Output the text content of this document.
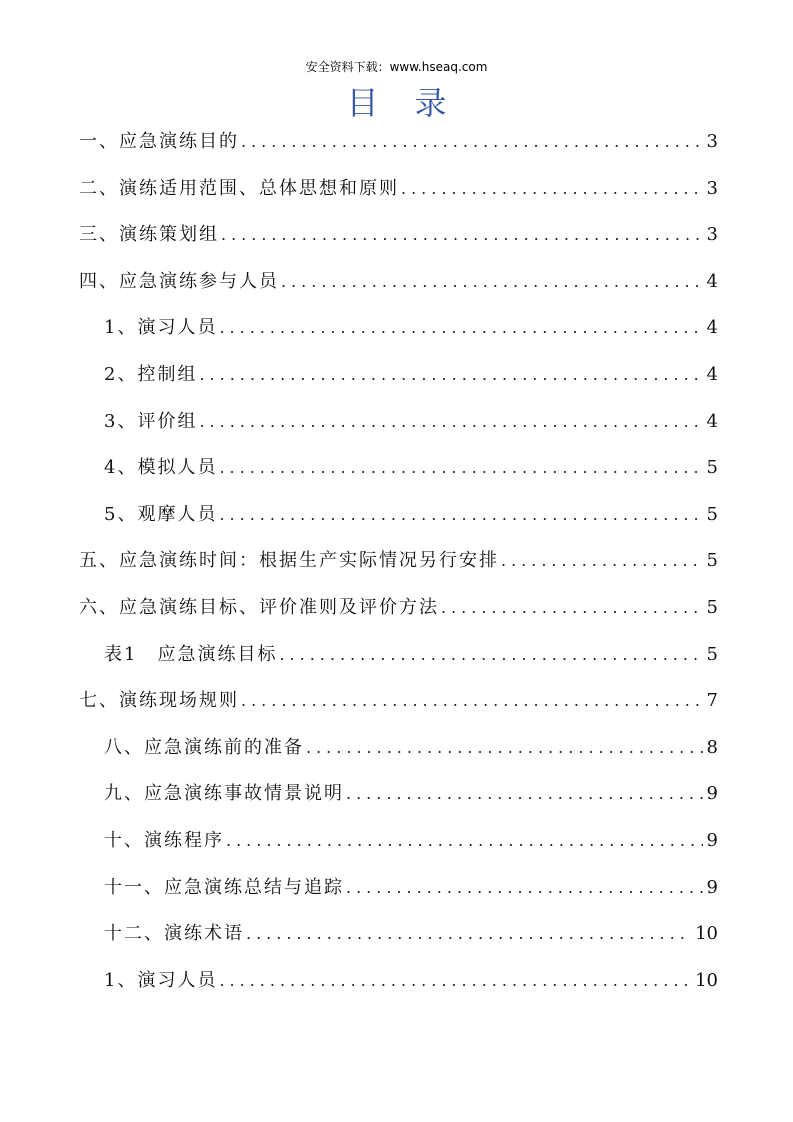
安全资料下载：www.hseaq.com
目录
一、应急演练目的 .....	3
二、演练适用范围、总体思想和原则 .....	3
三、演练策划组 .....	3
四、应急演练参与人员 .....	4
1、演习人员 .....	4
2、控制组 .....	4
3、评价组 .....	4
4、模拟人员 .....	5
5、观摩人员 .....	5
五、应急演练时间：根据生产实际情况另行安排 .....	5
六、应急演练目标、评价准则及评价方法 .....	5
表1　应急演练目标 .....	5
七、演练现场规则 .....	7
八、应急演练前的准备 .....	8
九、应急演练事故情景说明 .....	9
十、演练程序 .....	9
十一、应急演练总结与追踪 .....	9
十二、演练术语 .....	10
1、演习人员 .....	10
